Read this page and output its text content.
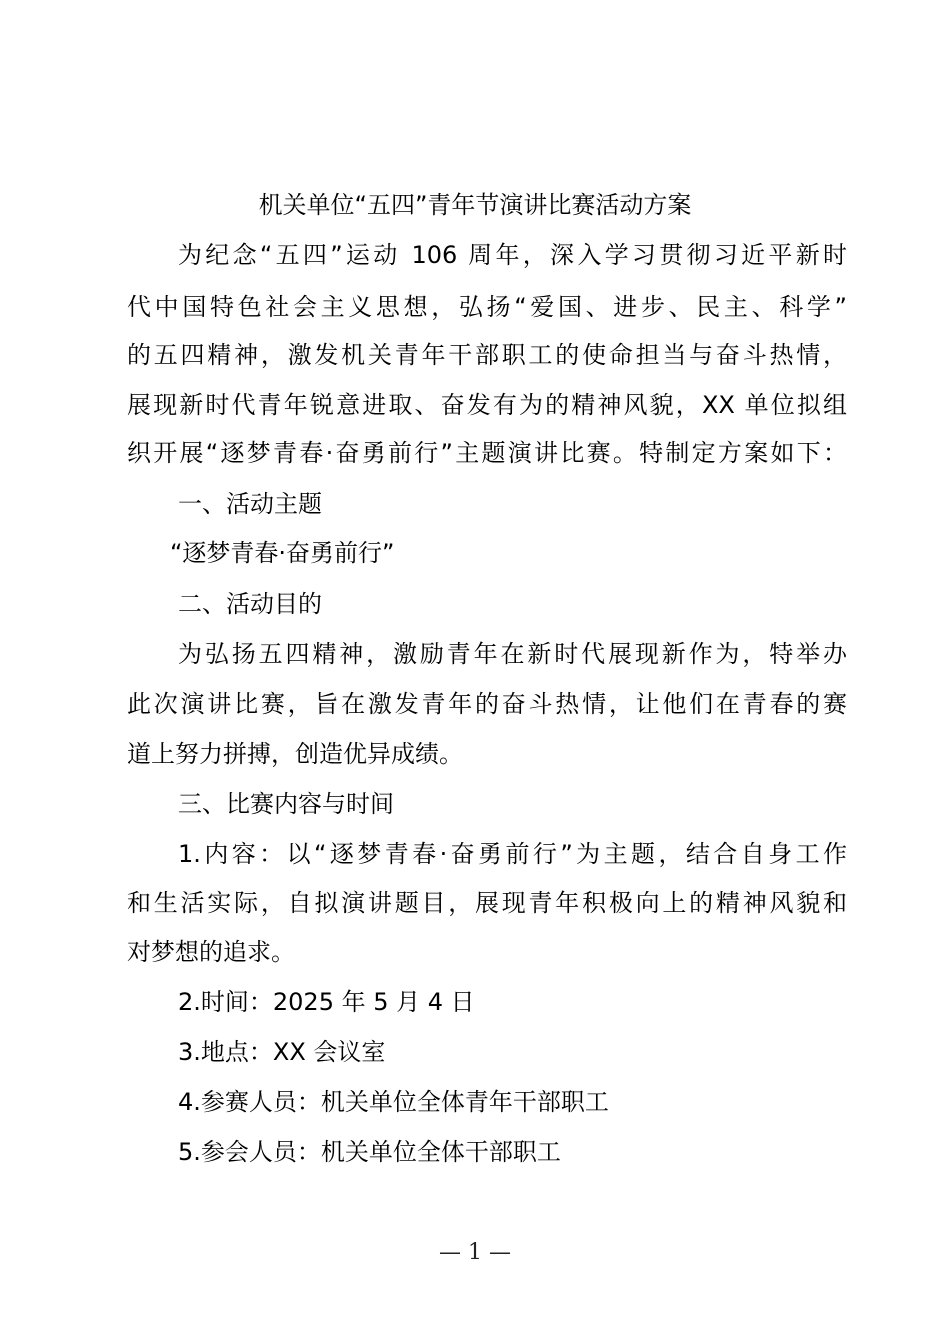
机关单位“五四”青年节演讲比赛活动方案
为纪念“五四”运动 106 周年，深入学习贯彻习近平新时
代中国特色社会主义思想，弘扬“爱国、进步、民主、科学”
的五四精神，激发机关青年干部职工的使命担当与奋斗热情，
展现新时代青年锐意进取、奋发有为的精神风貌，XX 单位拟组
织开展“逐梦青春·奋勇前行”主题演讲比赛。特制定方案如下：
一、活动主题
“逐梦青春·奋勇前行”
二、活动目的
为弘扬五四精神，激励青年在新时代展现新作为，特举办
此次演讲比赛，旨在激发青年的奋斗热情，让他们在青春的赛
道上努力拼搏，创造优异成绩。
三、比赛内容与时间
1.内容：以“逐梦青春·奋勇前行”为主题，结合自身工作
和生活实际，自拟演讲题目，展现青年积极向上的精神风貌和
对梦想的追求。
2.时间：2025 年 5 月 4 日
3.地点：XX 会议室
4.参赛人员：机关单位全体青年干部职工
5.参会人员：机关单位全体干部职工
— 1 —
